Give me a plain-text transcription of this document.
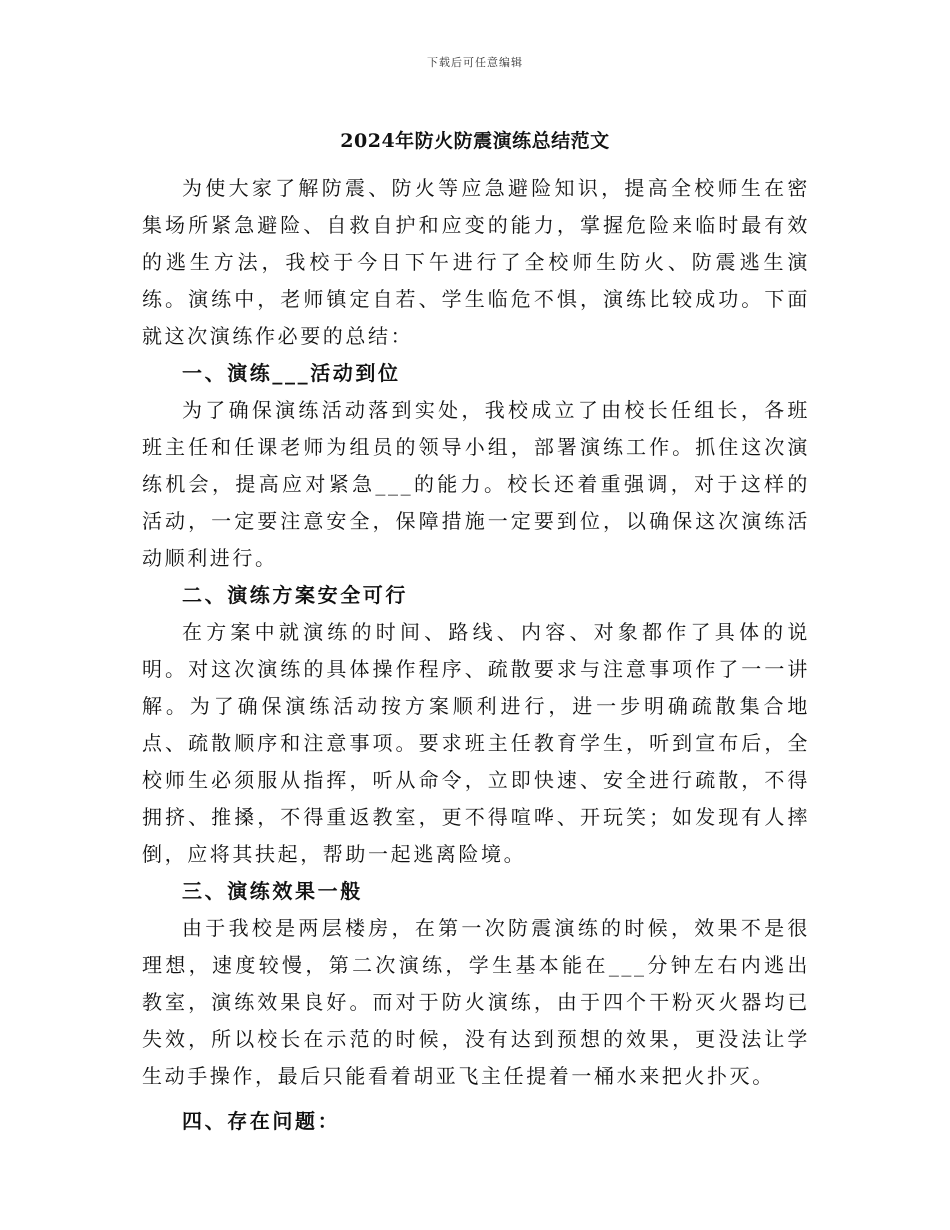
下载后可任意编辑
2024年防火防震演练总结范文

为使大家了解防震、防火等应急避险知识，提高全校师生在密集场所紧急避险、自救自护和应变的能力，掌握危险来临时最有效的逃生方法，我校于今日下午进行了全校师生防火、防震逃生演练。演练中，老师镇定自若、学生临危不惧，演练比较成功。下面就这次演练作必要的总结：

一、演练___活动到位

为了确保演练活动落到实处，我校成立了由校长任组长，各班班主任和任课老师为组员的领导小组，部署演练工作。抓住这次演练机会，提高应对紧急___的能力。校长还着重强调，对于这样的活动，一定要注意安全，保障措施一定要到位，以确保这次演练活动顺利进行。

二、演练方案安全可行

在方案中就演练的时间、路线、内容、对象都作了具体的说明。对这次演练的具体操作程序、疏散要求与注意事项作了一一讲解。为了确保演练活动按方案顺利进行，进一步明确疏散集合地点、疏散顺序和注意事项。要求班主任教育学生，听到宣布后，全校师生必须服从指挥，听从命令，立即快速、安全进行疏散，不得拥挤、推搡，不得重返教室，更不得喧哗、开玩笑；如发现有人摔倒，应将其扶起，帮助一起逃离险境。

三、演练效果一般

由于我校是两层楼房，在第一次防震演练的时候，效果不是很理想，速度较慢，第二次演练，学生基本能在___分钟左右内逃出教室，演练效果良好。而对于防火演练，由于四个干粉灭火器均已失效，所以校长在示范的时候，没有达到预想的效果，更没法让学生动手操作，最后只能看着胡亚飞主任提着一桶水来把火扑灭。

四、存在问题：
